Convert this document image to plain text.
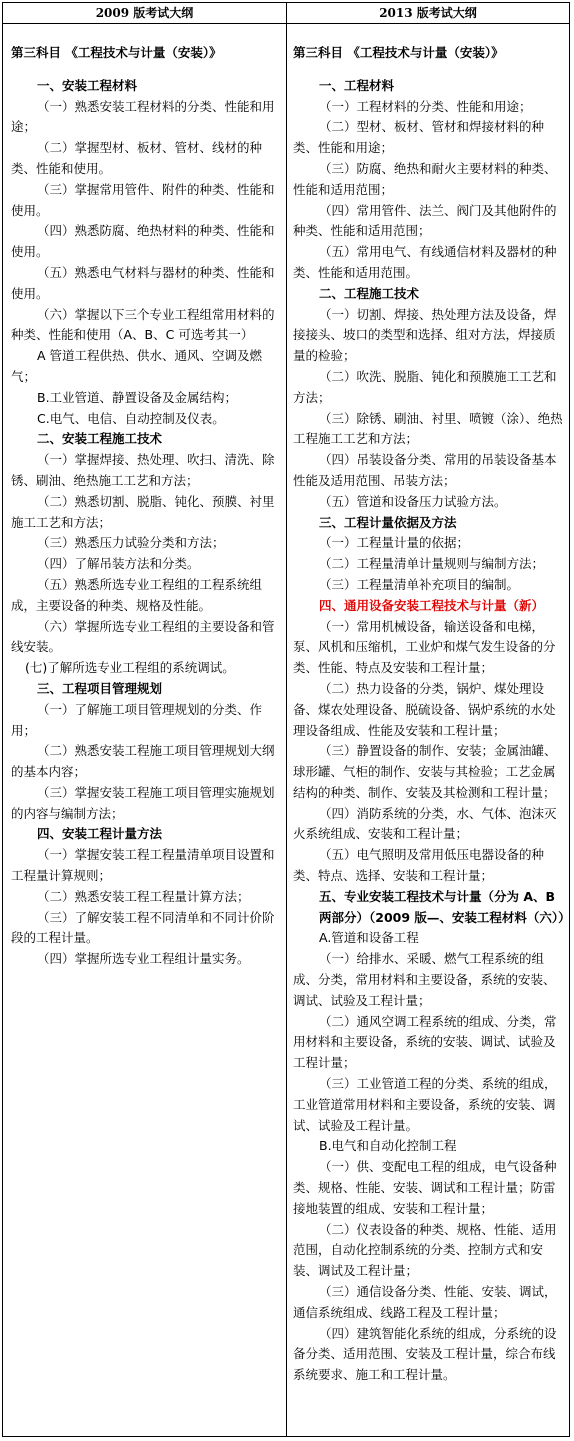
2009 版考试大纲	2013 版考试大纲
第三科目 《工程技术与计量（安装）》
一、安装工程材料
（一）熟悉安装工程材料的分类、性能和用途；
（二）掌握型材、板材、管材、线材的种类、性能和使用。
（三）掌握常用管件、附件的种类、性能和使用。
（四）熟悉防腐、绝热材料的种类、性能和使用。
（五）熟悉电气材料与器材的种类、性能和使用。
（六）掌握以下三个专业工程组常用材料的种类、性能和使用（A、B、C 可选考其一）
A 管道工程供热、供水、通风、空调及燃气；
B.工业管道、静置设备及金属结构；
C.电气、电信、自动控制及仪表。
二、安装工程施工技术
（一）掌握焊接、热处理、吹扫、清洗、除锈、刷油、绝热施工工艺和方法；
（二）熟悉切割、脱脂、钝化、预膜、衬里施工工艺和方法；
（三）熟悉压力试验分类和方法；
（四）了解吊装方法和分类。
（五）熟悉所选专业工程组的工程系统组成，主要设备的种类、规格及性能。
（六）掌握所选专业工程组的主要设备和管线安装。
(七)了解所选专业工程组的系统调试。
三、工程项目管理规划
（一）了解施工项目管理规划的分类、作用；
（二）熟悉安装工程施工项目管理规划大纲的基本内容；
（三）掌握安装工程施工项目管理实施规划的内容与编制方法；
四、安装工程计量方法
（一）掌握安装工程工程量清单项目设置和工程量计算规则；
（二）熟悉安装工程工程量计算方法；
（三）了解安装工程不同清单和不同计价阶段的工程计量。
（四）掌握所选专业工程组计量实务。
第三科目 《工程技术与计量（安装）》
一、工程材料
（一）工程材料的分类、性能和用途；
（二）型材、板材、管材和焊接材料的种类、性能和用途；
（三）防腐、绝热和耐火主要材料的种类、性能和适用范围；
（四）常用管件、法兰、阀门及其他附件的种类、性能和适用范围；
（五）常用电气、有线通信材料及器材的种类、性能和适用范围。
二、工程施工技术
（一）切割、焊接、热处理方法及设备，焊接接头、坡口的类型和选择、组对方法，焊接质量的检验；
（二）吹洗、脱脂、钝化和预膜施工工艺和方法；
（三）除锈、刷油、衬里、喷镀（涂）、绝热工程施工工艺和方法；
（四）吊装设备分类、常用的吊装设备基本性能及适用范围、吊装方法；
（五）管道和设备压力试验方法。
三、工程计量依据及方法
（一）工程量计量的依据；
（二）工程量清单计量规则与编制方法；
（三）工程量清单补充项目的编制。
四、通用设备安装工程技术与计量（新）
（一）常用机械设备，输送设备和电梯，泵、风机和压缩机，工业炉和煤气发生设备的分类、性能、特点及安装和工程计量；
（二）热力设备的分类，锅炉、煤处理设备、煤农处理设备、脱硫设备、锅炉系统的水处理设备组成、性能及安装和工程计量；
（三）静置设备的制作、安装；金属油罐、球形罐、气柜的制作、安装与其检验；工艺金属结构的种类、制作、安装及其检测和工程计量；
（四）消防系统的分类，水、气体、泡沫灭火系统组成、安装和工程计量；
（五）电气照明及常用低压电器设备的种类、特点、选择、安装和工程计量；
五、专业安装工程技术与计量（分为 A、B 两部分）（2009 版—、安装工程材料（六））
A.管道和设备工程
（一）给排水、采暖、燃气工程系统的组成、分类，常用材料和主要设备，系统的安装、调试、试验及工程计量；
（二）通风空调工程系统的组成、分类，常用材料和主要设备，系统的安装、调试、试验及工程计量；
（三）工业管道工程的分类、系统的组成，工业管道常用材料和主要设备，系统的安装、调试、试验及工程计量。
B.电气和自动化控制工程
（一）供、变配电工程的组成，电气设备种类、规格、性能、安装、调试和工程计量；防雷接地装置的组成、安装和工程计量；
（二）仪表设备的种类、规格、性能、适用范围，自动化控制系统的分类、控制方式和安装、调试及工程计量；
（三）通信设备分类、性能、安装、调试，通信系统组成、线路工程及工程计量；
（四）建筑智能化系统的组成，分系统的设备分类、适用范围、安装及工程计量，综合布线系统要求、施工和工程计量。
